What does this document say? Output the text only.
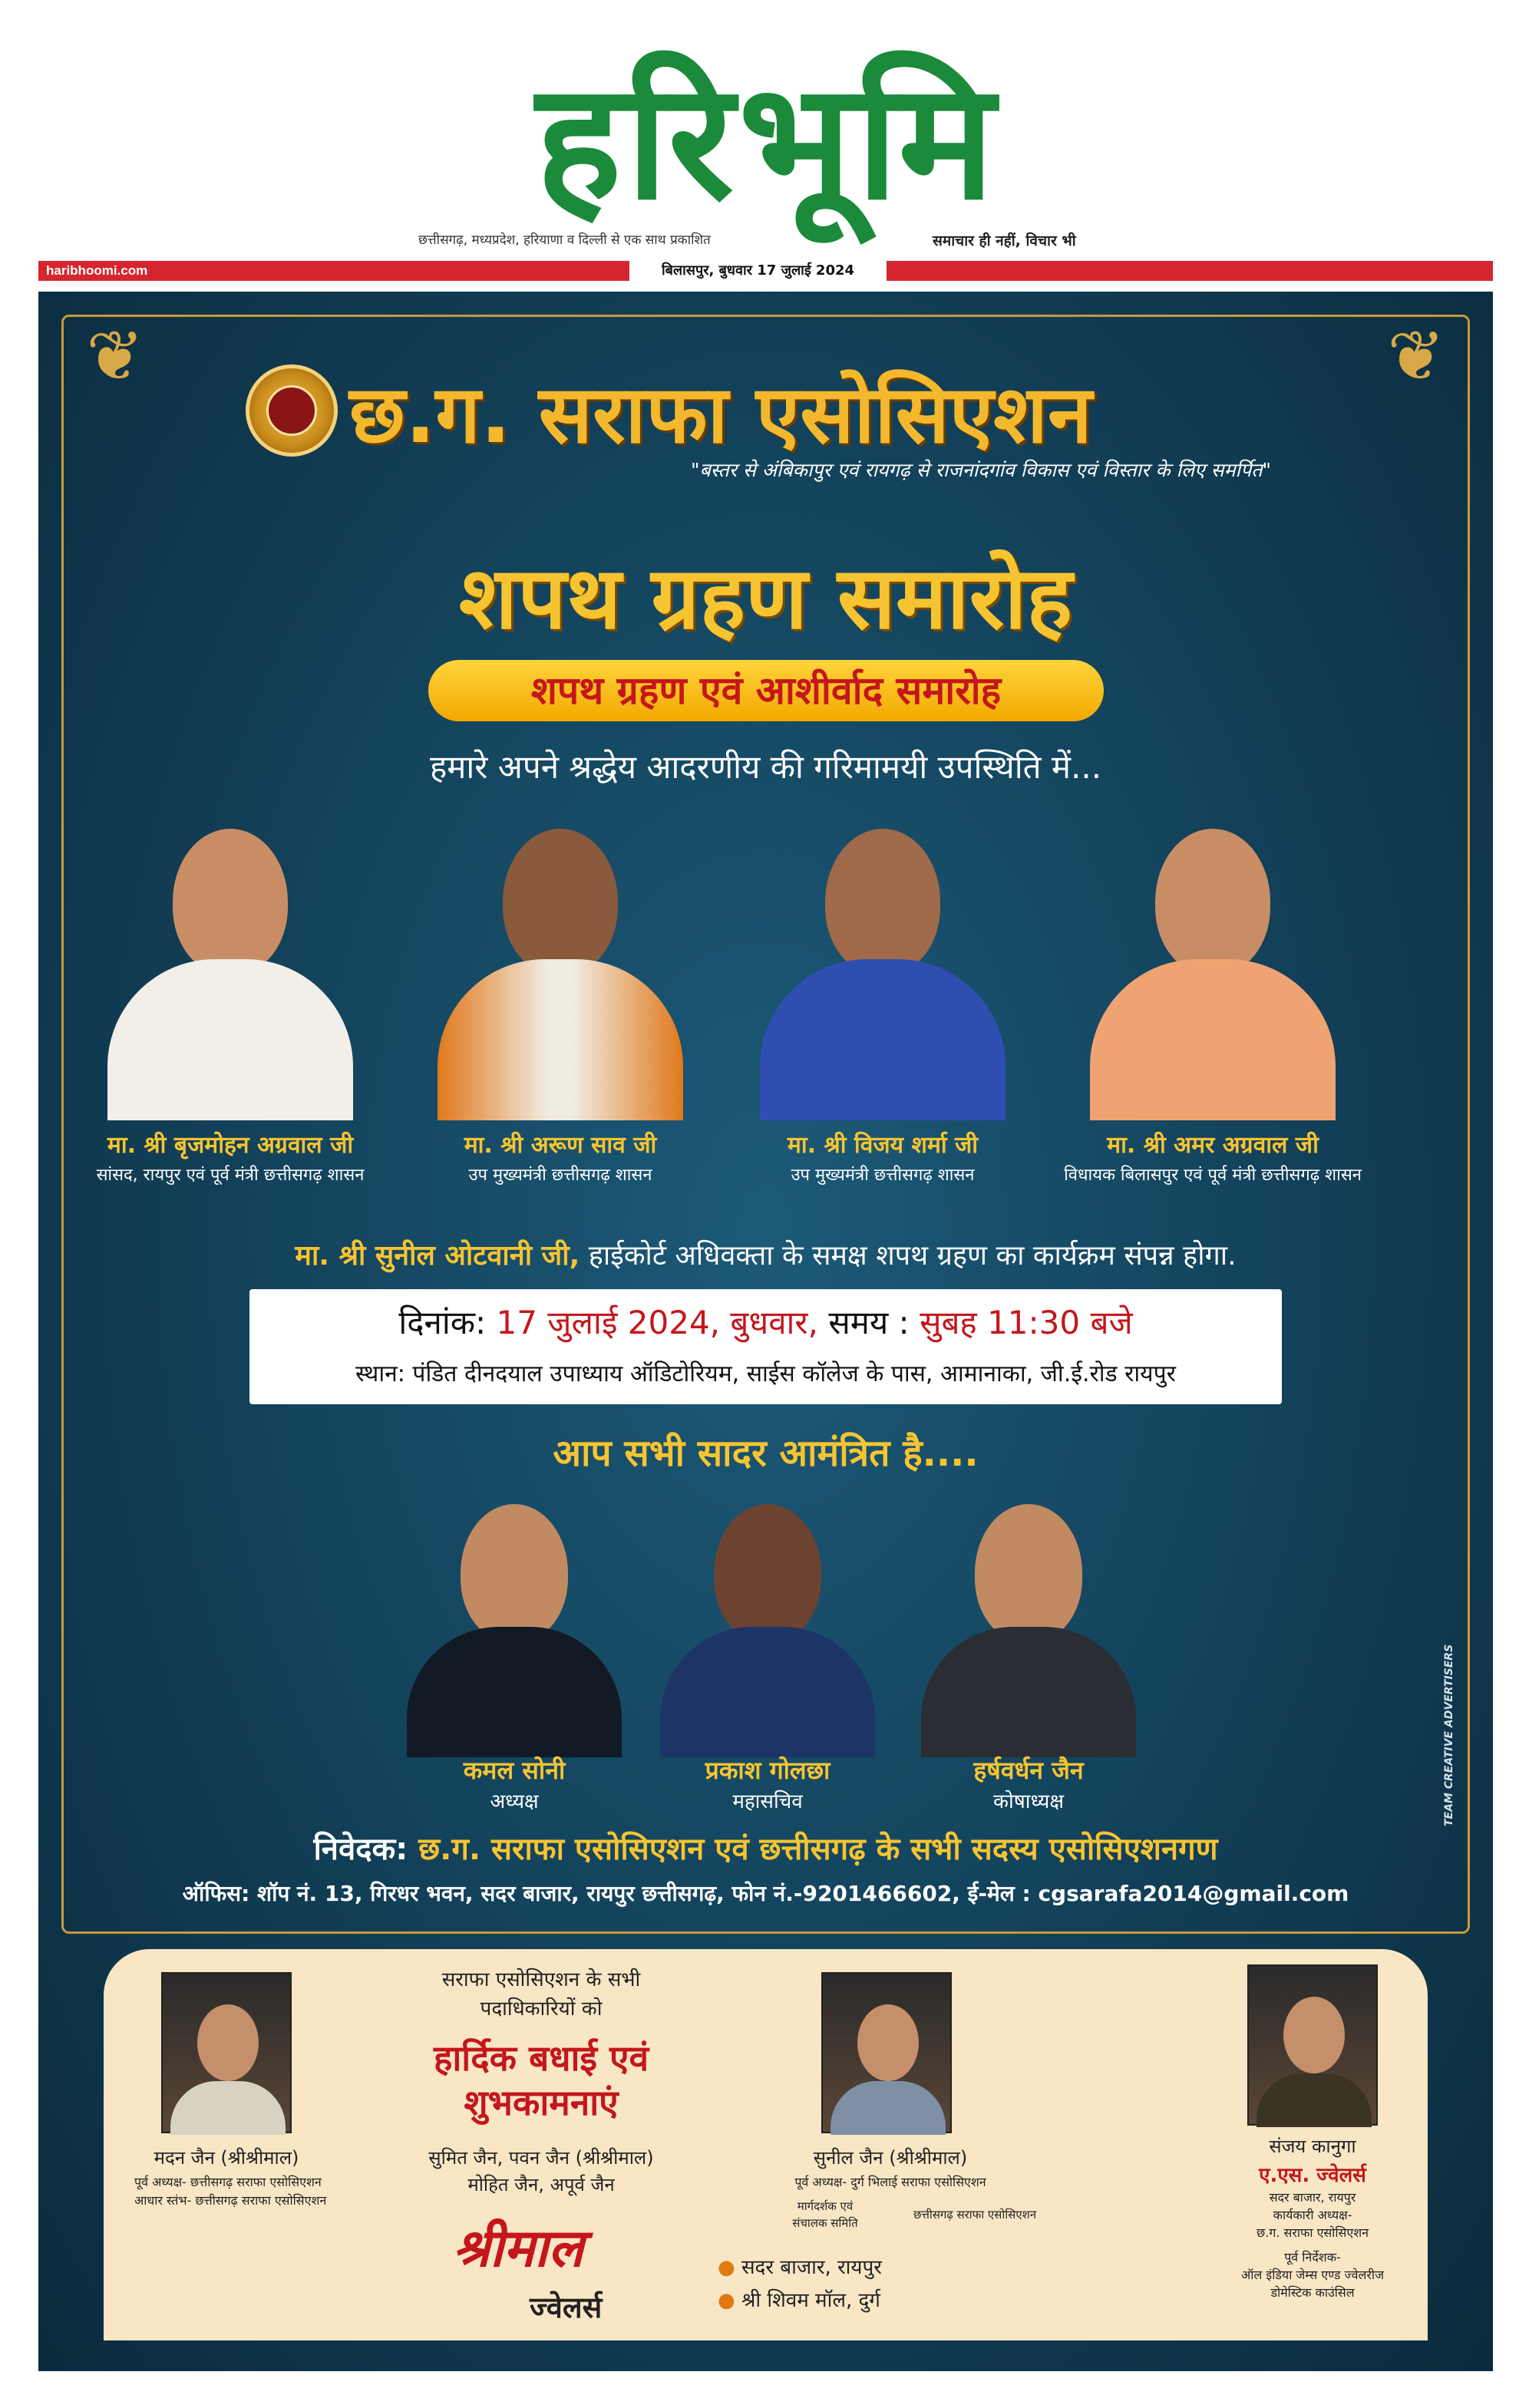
हरिभूमि
छत्तीसगढ़, मध्यप्रदेश, हरियाणा व दिल्ली से एक साथ प्रकाशित	समाचार ही नहीं, विचार भी
haribhoomi.com	बिलासपुर, बुधवार 17 जुलाई 2024
❦	❦
छ.ग. सराफा एसोसिएशन
"बस्तर से अंबिकापुर एवं रायगढ़ से राजनांदगांव विकास एवं विस्तार के लिए समर्पित"
शपथ ग्रहण समारोह
शपथ ग्रहण एवं आशीर्वाद समारोह
हमारे अपने श्रद्धेय आदरणीय की गरिमामयी उपस्थिति में...
मा. श्री बृजमोहन अग्रवाल जी
सांसद, रायपुर एवं पूर्व मंत्री छत्तीसगढ़ शासन
मा. श्री अरूण साव जी
उप मुख्यमंत्री छत्तीसगढ़ शासन
मा. श्री विजय शर्मा जी
उप मुख्यमंत्री छत्तीसगढ़ शासन
मा. श्री अमर अग्रवाल जी
विधायक बिलासपुर एवं पूर्व मंत्री छत्तीसगढ़ शासन
मा. श्री सुनील ओटवानी जी, हाईकोर्ट अधिवक्ता के समक्ष शपथ ग्रहण का कार्यक्रम संपन्न होगा.
दिनांक: 17 जुलाई 2024, बुधवार, समय : सुबह 11:30 बजे
स्थान: पंडित दीनदयाल उपाध्याय ऑडिटोरियम, साईस कॉलेज के पास, आमानाका, जी.ई.रोड रायपुर
आप सभी सादर आमंत्रित है....
कमल सोनी
अध्यक्ष
प्रकाश गोलछा
महासचिव
हर्षवर्धन जैन
कोषाध्यक्ष
निवेदक: छ.ग. सराफा एसोसिएशन एवं छत्तीसगढ़ के सभी सदस्य एसोसिएशनगण
ऑफिस: शॉप नं. 13, गिरधर भवन, सदर बाजार, रायपुर छत्तीसगढ़, फोन नं.-9201466602, ई-मेल : cgsarafa2014@gmail.com
TEAM CREATIVE ADVERTISERS
मदन जैन (श्रीश्रीमाल)
पूर्व अध्यक्ष- छत्तीसगढ़ सराफा एसोसिएशन
आधार स्तंभ- छत्तीसगढ़ सराफा एसोसिएशन
सराफा एसोसिएशन के सभी
पदाधिकारियों को
हार्दिक बधाई एवं
शुभकामनाएं
सुमित जैन, पवन जैन (श्रीश्रीमाल)
मोहित जैन, अपूर्व जैन
श्रीमाल
ज्वेलर्स
● सदर बाजार, रायपुर
● श्री शिवम मॉल, दुर्ग
सुनील जैन (श्रीश्रीमाल)
पूर्व अध्यक्ष- दुर्ग भिलाई सराफा एसोसिएशन
मार्गदर्शक एवं
संचालक समिति
छत्तीसगढ़ सराफा एसोसिएशन
संजय कानुगा
ए.एस. ज्वेलर्स
सदर बाजार, रायपुर
कार्यकारी अध्यक्ष-
छ.ग. सराफा एसोसिएशन
पूर्व निर्देशक-
ऑल इंडिया जेम्स एण्ड ज्वेलरीज
डोमेस्टिक काउंसिल
